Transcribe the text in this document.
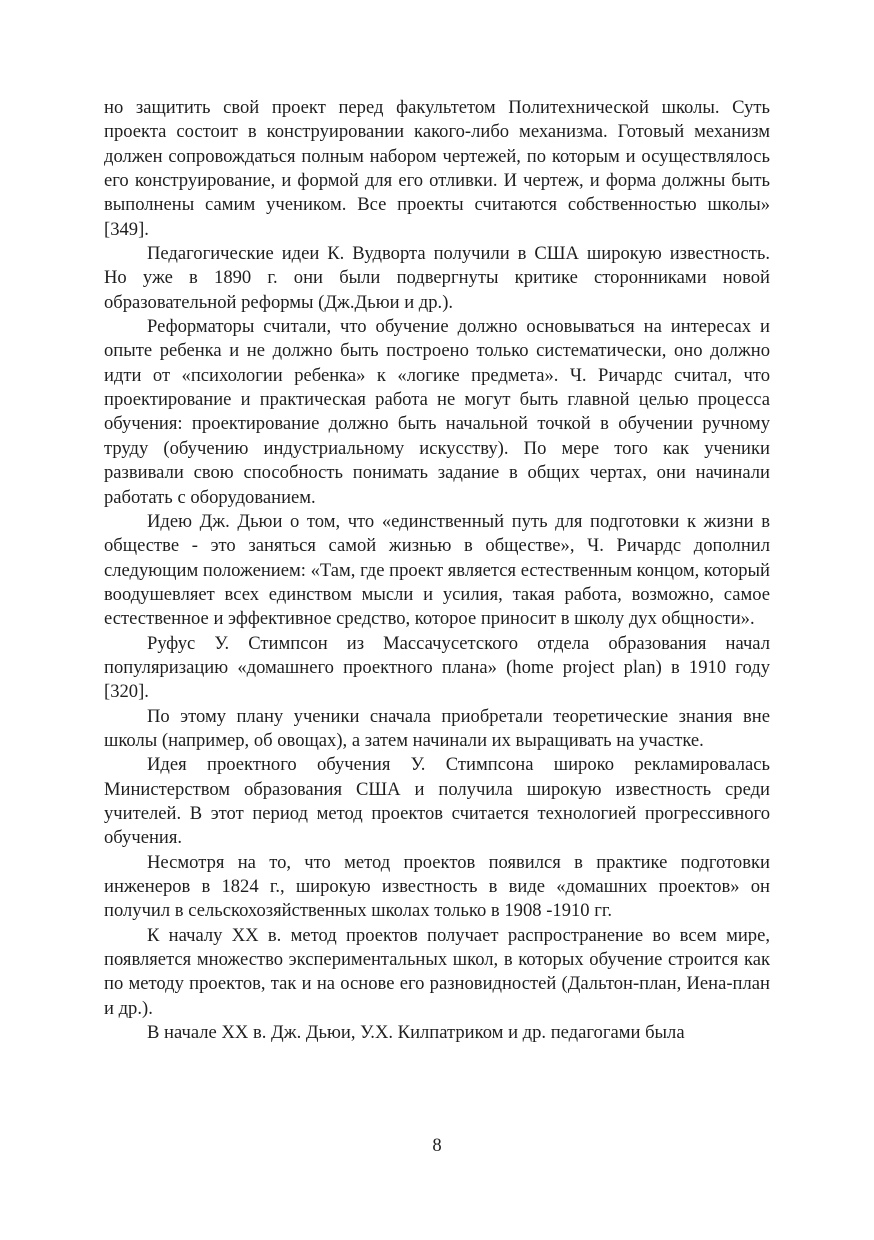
но защитить свой проект перед факультетом Политехнической школы. Суть проекта состоит в конструировании какого-либо механизма. Готовый механизм должен сопровождаться полным набором чертежей, по которым и осуществлялось его конструирование, и формой для его отливки. И чертеж, и форма должны быть выполнены самим учеником. Все проекты считаются собственностью школы» [349].

Педагогические идеи К. Вудворта получили в США широкую известность. Но уже в 1890 г. они были подвергнуты критике сторонниками новой образовательной реформы (Дж.Дьюи и др.).

Реформаторы считали, что обучение должно основываться на интересах и опыте ребенка и не должно быть построено только систематически, оно должно идти от «психологии ребенка» к «логике предмета». Ч. Ричардс считал, что проектирование и практическая работа не могут быть главной целью процесса обучения: проектирование должно быть начальной точкой в обучении ручному труду (обучению индустриальному искусству). По мере того как ученики развивали свою способность понимать задание в общих чертах, они начинали работать с оборудованием.

Идею Дж. Дьюи о том, что «единственный путь для подготовки к жизни в обществе - это заняться самой жизнью в обществе», Ч. Ричардс дополнил следующим положением: «Там, где проект является естественным концом, который воодушевляет всех единством мысли и усилия, такая работа, возможно, самое естественное и эффективное средство, которое приносит в школу дух общности».

Руфус У. Стимпсон из Массачусетского отдела образования начал популяризацию «домашнего проектного плана» (home project plan) в 1910 году [320].

По этому плану ученики сначала приобретали теоретические знания вне школы (например, об овощах), а затем начинали их выращивать на участке.

Идея проектного обучения У. Стимпсона широко рекламировалась Министерством образования США и получила широкую известность среди учителей. В этот период метод проектов считается технологией прогрессивного обучения.

Несмотря на то, что метод проектов появился в практике подготовки инженеров в 1824 г., широкую известность в виде «домашних проектов» он получил в сельскохозяйственных школах только в 1908 -1910 гг.

К началу XX в. метод проектов получает распространение во всем мире, появляется множество экспериментальных школ, в которых обучение строится как по методу проектов, так и на основе его разновидностей (Дальтон-план, Иена-план и др.).

В начале XX в. Дж. Дьюи, У.Х. Килпатриком и др. педагогами была

8
